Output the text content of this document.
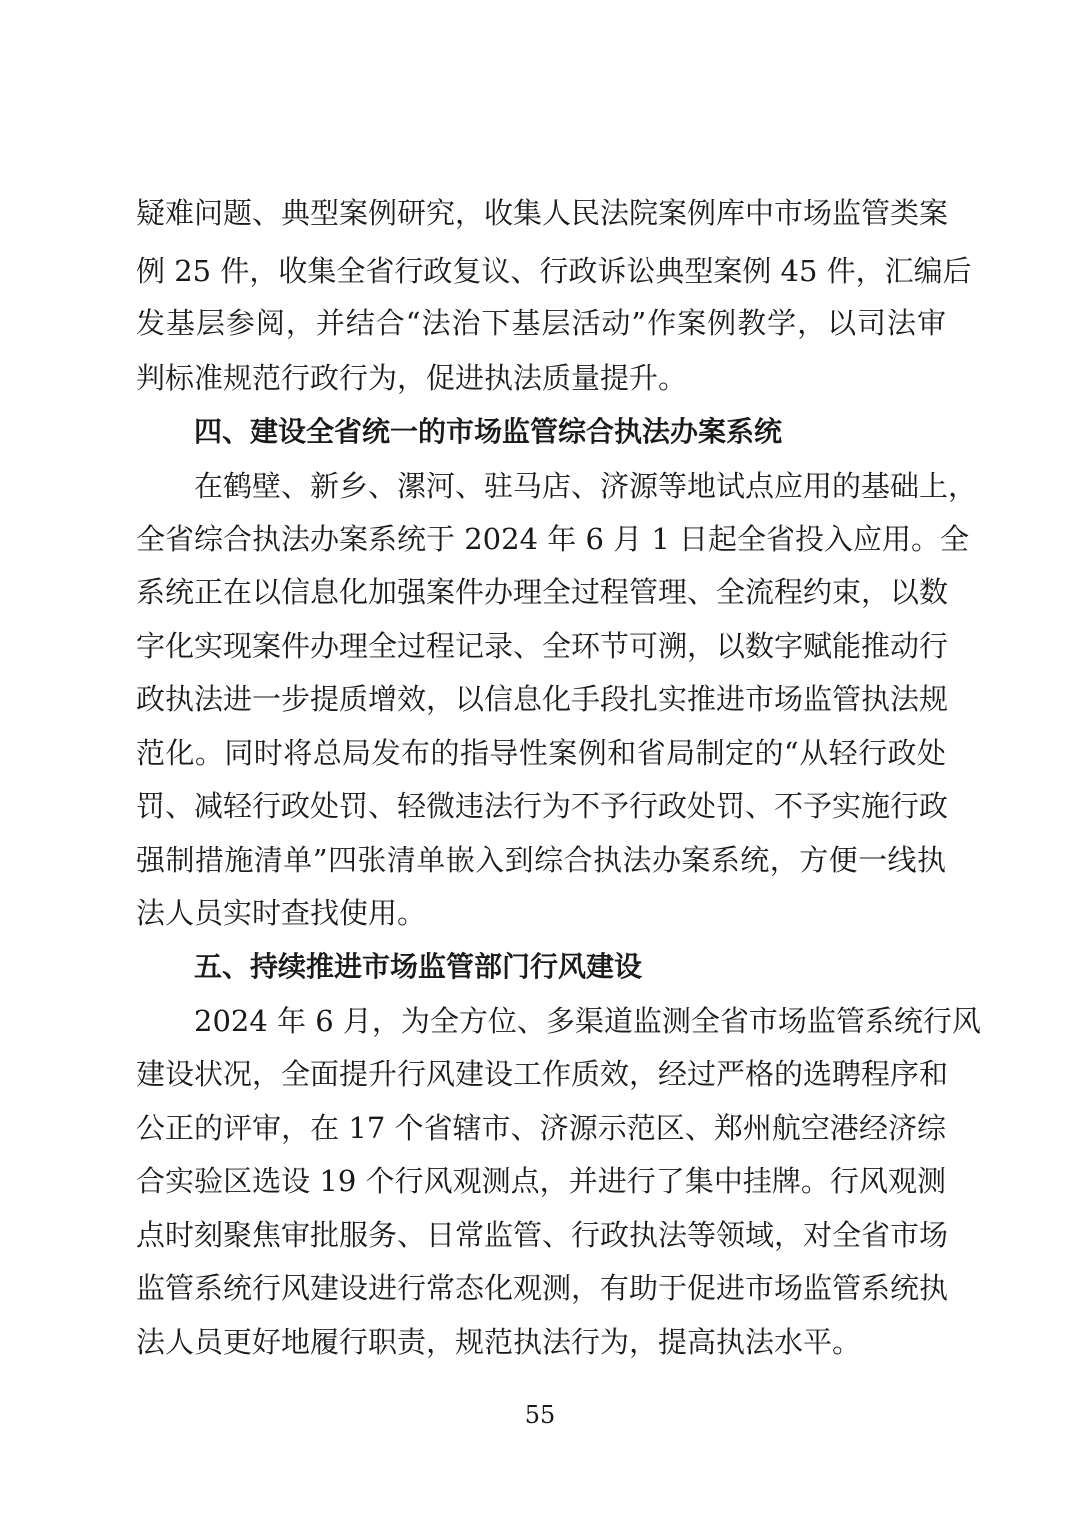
疑难问题、典型案例研究，收集人民法院案例库中市场监管类案
例 25 件，收集全省行政复议、行政诉讼典型案例 45 件，汇编后
发基层参阅，并结合“法治下基层活动”作案例教学，以司法审
判标准规范行政行为，促进执法质量提升。
四、建设全省统一的市场监管综合执法办案系统
在鹤壁、新乡、漯河、驻马店、济源等地试点应用的基础上，
全省综合执法办案系统于 2024 年 6 月 1 日起全省投入应用。全
系统正在以信息化加强案件办理全过程管理、全流程约束，以数
字化实现案件办理全过程记录、全环节可溯，以数字赋能推动行
政执法进一步提质增效，以信息化手段扎实推进市场监管执法规
范化。同时将总局发布的指导性案例和省局制定的“从轻行政处
罚、减轻行政处罚、轻微违法行为不予行政处罚、不予实施行政
强制措施清单”四张清单嵌入到综合执法办案系统，方便一线执
法人员实时查找使用。
五、持续推进市场监管部门行风建设
2024 年 6 月，为全方位、多渠道监测全省市场监管系统行风
建设状况，全面提升行风建设工作质效，经过严格的选聘程序和
公正的评审，在 17 个省辖市、济源示范区、郑州航空港经济综
合实验区选设 19 个行风观测点，并进行了集中挂牌。行风观测
点时刻聚焦审批服务、日常监管、行政执法等领域，对全省市场
监管系统行风建设进行常态化观测，有助于促进市场监管系统执
法人员更好地履行职责，规范执法行为，提高执法水平。
55
